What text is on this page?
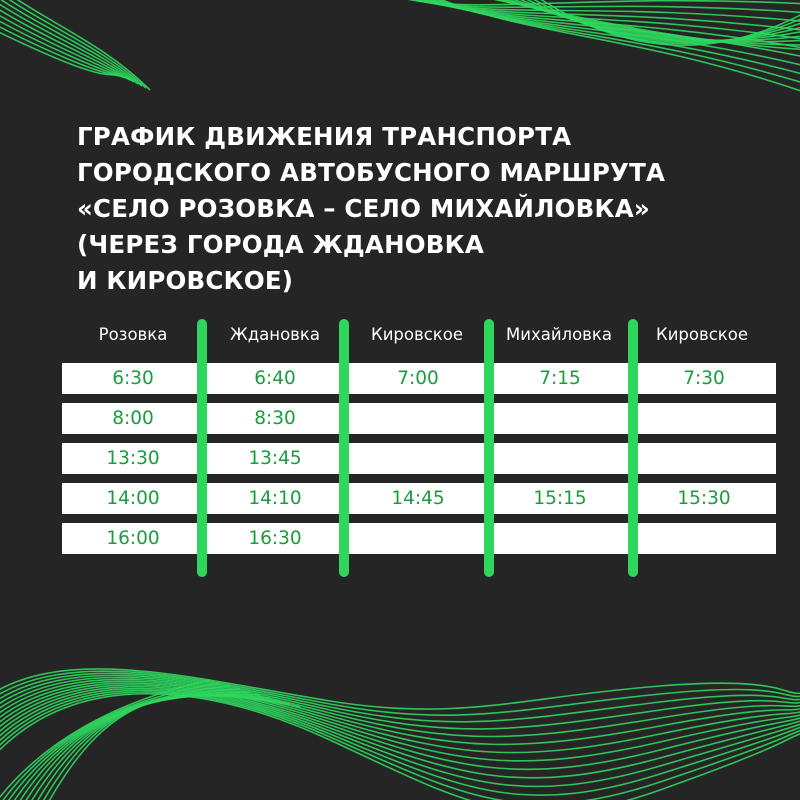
ГРАФИК ДВИЖЕНИЯ ТРАНСПОРТА
ГОРОДСКОГО АВТОБУСНОГО МАРШРУТА
«СЕЛО РОЗОВКА – СЕЛО МИХАЙЛОВКА»
(ЧЕРЕЗ ГОРОДА ЖДАНОВКА
И КИРОВСКОЕ)
Розовка	Ждановка	Кировское	Михайловка	Кировское
6:30	6:40	7:00	7:15	7:30
8:00	8:30
13:30	13:45
14:00	14:10	14:45	15:15	15:30
16:00	16:30
